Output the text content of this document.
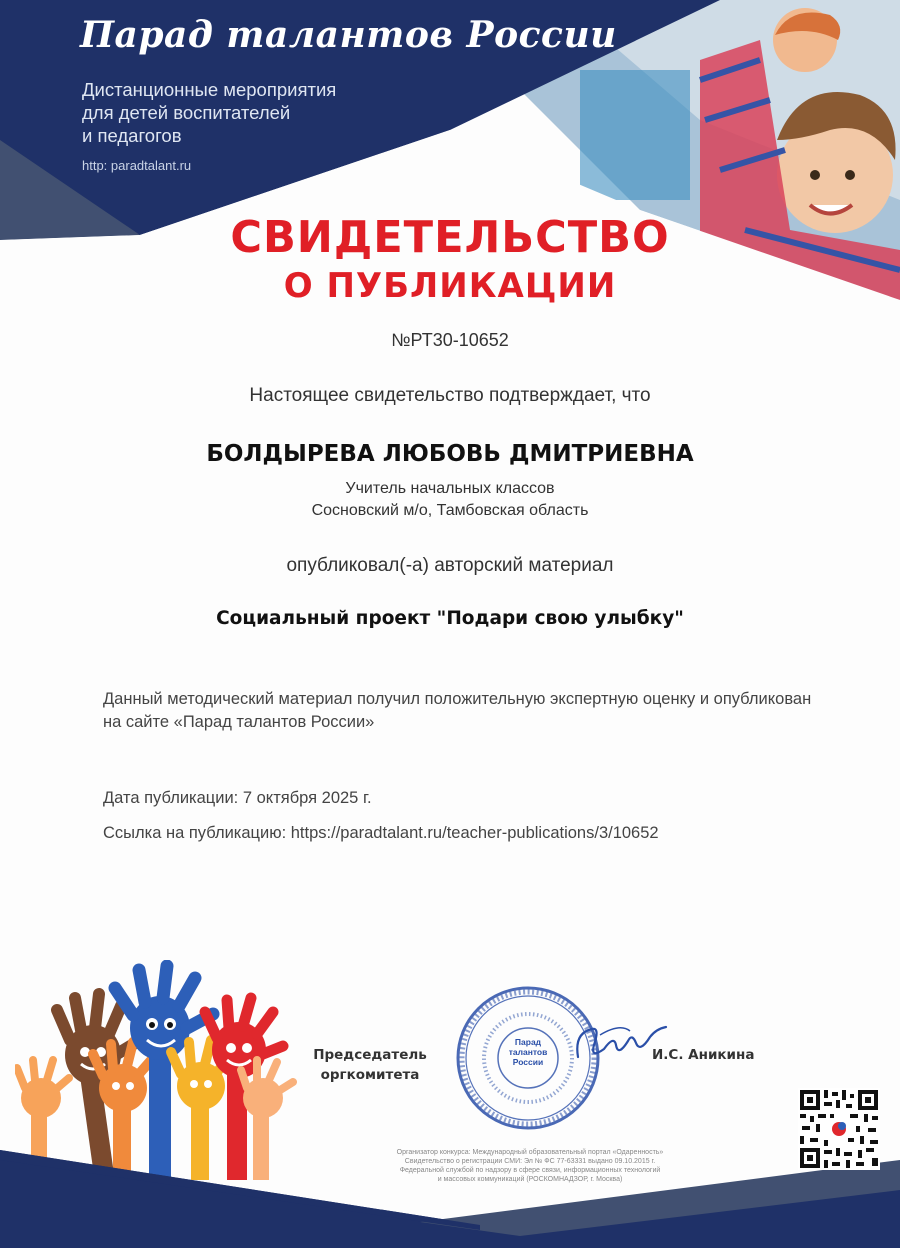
Парад талантов России
Дистанционные мероприятия
для детей воспитателей
и педагогов
http: paradtalant.ru
СВИДЕТЕЛЬСТВО
О ПУБЛИКАЦИИ
№РТ30-10652
Настоящее свидетельство подтверждает, что
БОЛДЫРЕВА ЛЮБОВЬ ДМИТРИЕВНА
Учитель начальных классов
Сосновский м/о, Тамбовская область
опубликовал(-а) авторский материал
Социальный проект "Подари свою улыбку"
Данный методический материал получил положительную экспертную оценку и опубликован на сайте «Парад талантов России»
Дата публикации: 7 октября 2025 г.
Ссылка на публикацию: https://paradtalant.ru/teacher-publications/3/10652
Председатель
оргкомитета
Парад
талантов
России	И.С. Аникина
Организатор конкурса: Международный образовательный портал «Одаренность»
Свидетельство о регистрации СМИ: Эл № ФС 77-63331 выдано 09.10.2015 г.
Федеральной службой по надзору в сфере связи, информационных технологий
и массовых коммуникаций (РОСКОМНАДЗОР, г. Москва)
